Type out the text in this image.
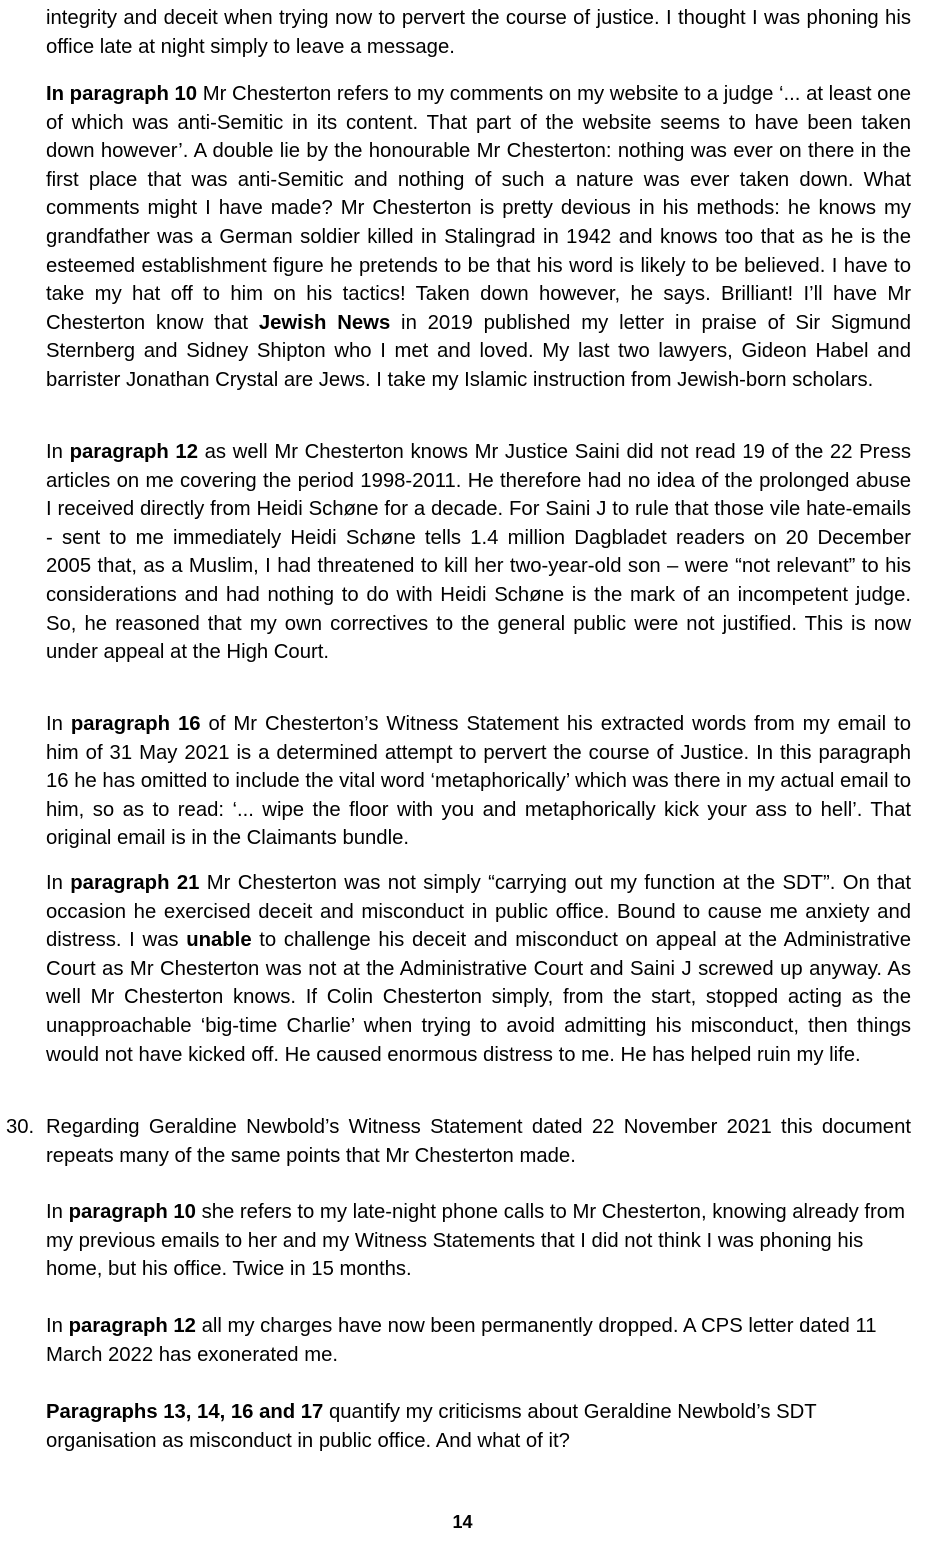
integrity and deceit when trying now to pervert the course of justice. I thought I was phoning his office late at night simply to leave a message.

In paragraph 10 Mr Chesterton refers to my comments on my website to a judge ‘... at least one of which was anti-Semitic in its content. That part of the website seems to have been taken down however’. A double lie by the honourable Mr Chesterton: nothing was ever on there in the first place that was anti-Semitic and nothing of such a nature was ever taken down. What comments might I have made? Mr Chesterton is pretty devious in his methods: he knows my grandfather was a German soldier killed in Stalingrad in 1942 and knows too that as he is the esteemed establishment figure he pretends to be that his word is likely to be believed. I have to take my hat off to him on his tactics! Taken down however, he says. Brilliant! I’ll have Mr Chesterton know that Jewish News in 2019 published my letter in praise of Sir Sigmund Sternberg and Sidney Shipton who I met and loved. My last two lawyers, Gideon Habel and barrister Jonathan Crystal are Jews. I take my Islamic instruction from Jewish-born scholars.

In paragraph 12 as well Mr Chesterton knows Mr Justice Saini did not read 19 of the 22 Press articles on me covering the period 1998-2011. He therefore had no idea of the prolonged abuse I received directly from Heidi Schøne for a decade. For Saini J to rule that those vile hate-emails - sent to me immediately Heidi Schøne tells 1.4 million Dagbladet readers on 20 December 2005 that, as a Muslim, I had threatened to kill her two-year-old son – were “not relevant” to his considerations and had nothing to do with Heidi Schøne is the mark of an incompetent judge. So, he reasoned that my own correctives to the general public were not justified. This is now under appeal at the High Court.

In paragraph 16 of Mr Chesterton’s Witness Statement his extracted words from my email to him of 31 May 2021 is a determined attempt to pervert the course of Justice. In this paragraph 16 he has omitted to include the vital word ‘metaphorically’ which was there in my actual email to him, so as to read: ‘... wipe the floor with you and metaphorically kick your ass to hell’. That original email is in the Claimants bundle.

In paragraph 21 Mr Chesterton was not simply “carrying out my function at the SDT”. On that occasion he exercised deceit and misconduct in public office. Bound to cause me anxiety and distress. I was unable to challenge his deceit and misconduct on appeal at the Administrative Court as Mr Chesterton was not at the Administrative Court and Saini J screwed up anyway. As well Mr Chesterton knows. If Colin Chesterton simply, from the start, stopped acting as the unapproachable ‘big-time Charlie’ when trying to avoid admitting his misconduct, then things would not have kicked off. He caused enormous distress to me. He has helped ruin my life.

30. Regarding Geraldine Newbold’s Witness Statement dated 22 November 2021 this document repeats many of the same points that Mr Chesterton made.

In paragraph 10 she refers to my late-night phone calls to Mr Chesterton, knowing already from my previous emails to her and my Witness Statements that I did not think I was phoning his home, but his office. Twice in 15 months.

In paragraph 12 all my charges have now been permanently dropped. A CPS letter dated 11 March 2022 has exonerated me.

Paragraphs 13, 14, 16 and 17 quantify my criticisms about Geraldine Newbold’s SDT organisation as misconduct in public office. And what of it?

14
